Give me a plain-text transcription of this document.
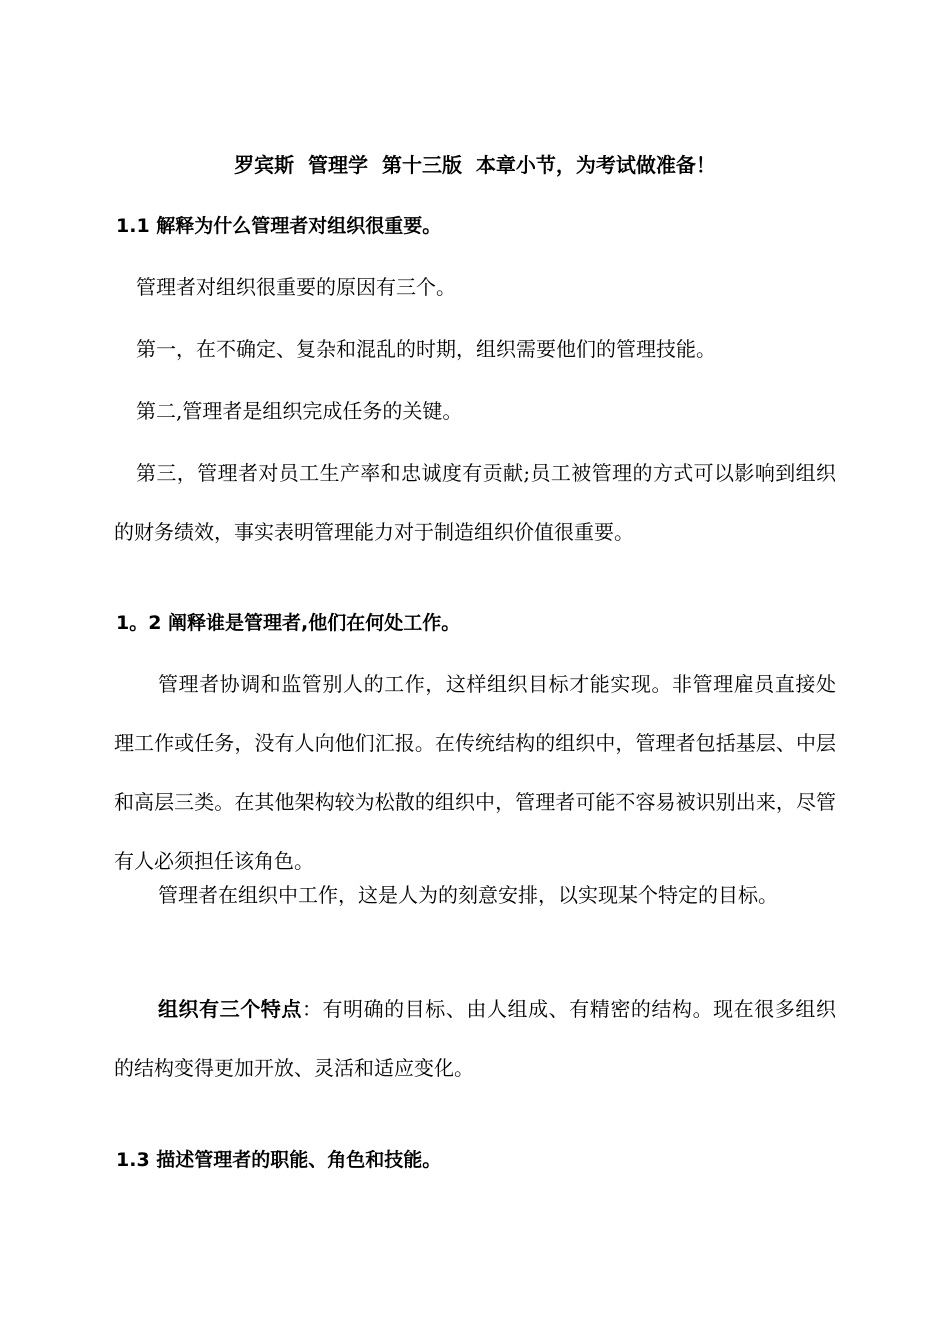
罗宾斯  管理学  第十三版  本章小节，为考试做准备！
1.1 解释为什么管理者对组织很重要。
管理者对组织很重要的原因有三个。
第一，在不确定、复杂和混乱的时期，组织需要他们的管理技能。
第二,管理者是组织完成任务的关键。
第三，管理者对员工生产率和忠诚度有贡献;员工被管理的方式可以影响到组织的财务绩效，事实表明管理能力对于制造组织价值很重要。
1。2 阐释谁是管理者,他们在何处工作。
管理者协调和监管别人的工作，这样组织目标才能实现。非管理雇员直接处理工作或任务，没有人向他们汇报。在传统结构的组织中，管理者包括基层、中层和高层三类。在其他架构较为松散的组织中，管理者可能不容易被识别出来，尽管有人必须担任该角色。
管理者在组织中工作，这是人为的刻意安排，以实现某个特定的目标。
组织有三个特点：有明确的目标、由人组成、有精密的结构。现在很多组织的结构变得更加开放、灵活和适应变化。
1.3 描述管理者的职能、角色和技能。
